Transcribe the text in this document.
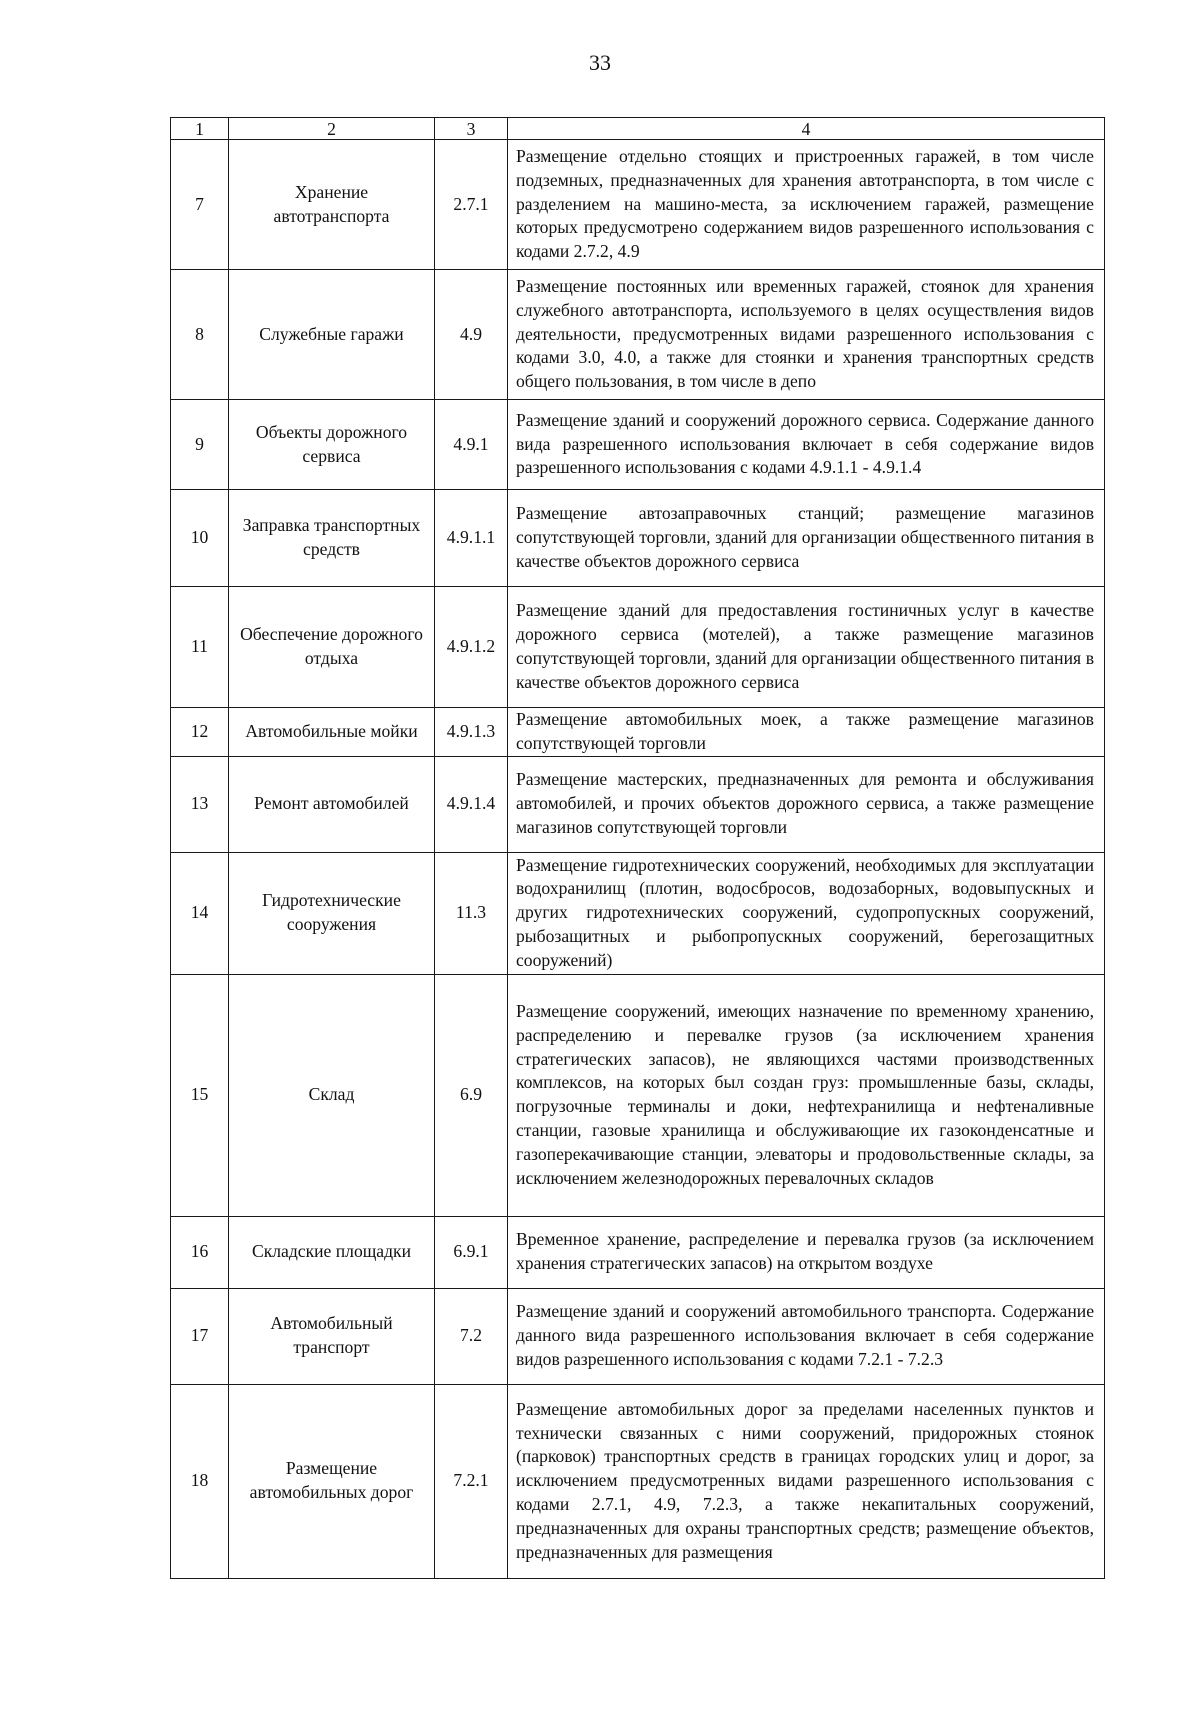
33
1	2	3	4
7	Хранение автотранспорта	2.7.1	Размещение отдельно стоящих и пристроенных гаражей, в том числе подземных, предназначенных для хранения автотранспорта, в том числе с разделением на машино-места, за исключением гаражей, размещение которых предусмотрено содержанием видов разрешенного использования с кодами 2.7.2, 4.9
8	Служебные гаражи	4.9	Размещение постоянных или временных гаражей, стоянок для хранения служебного автотранспорта, используемого в целях осуществления видов деятельности, предусмотренных видами разрешенного использования с кодами 3.0, 4.0, а также для стоянки и хранения транспортных средств общего пользования, в том числе в депо
9	Объекты дорожного сервиса	4.9.1	Размещение зданий и сооружений дорожного сервиса. Содержание данного вида разрешенного использования включает в себя содержание видов разрешенного использования с кодами 4.9.1.1 - 4.9.1.4
10	Заправка транспортных средств	4.9.1.1	Размещение автозаправочных станций; размещение магазинов сопутствующей торговли, зданий для организации общественного питания в качестве объектов дорожного сервиса
11	Обеспечение дорожного отдыха	4.9.1.2	Размещение зданий для предоставления гостиничных услуг в качестве дорожного сервиса (мотелей), а также размещение магазинов сопутствующей торговли, зданий для организации общественного питания в качестве объектов дорожного сервиса
12	Автомобильные мойки	4.9.1.3	Размещение автомобильных моек, а также размещение магазинов сопутствующей торговли
13	Ремонт автомобилей	4.9.1.4	Размещение мастерских, предназначенных для ремонта и обслуживания автомобилей, и прочих объектов дорожного сервиса, а также размещение магазинов сопутствующей торговли
14	Гидротехнические сооружения	11.3	Размещение гидротехнических сооружений, необходимых для эксплуатации водохранилищ (плотин, водосбросов, водозаборных, водовыпускных и других гидротехнических сооружений, судопропускных сооружений, рыбозащитных и рыбопропускных сооружений, берегозащитных сооружений)
15	Склад	6.9	Размещение сооружений, имеющих назначение по временному хранению, распределению и перевалке грузов (за исключением хранения стратегических запасов), не являющихся частями производственных комплексов, на которых был создан груз: промышленные базы, склады, погрузочные терминалы и доки, нефтехранилища и нефтеналивные станции, газовые хранилища и обслуживающие их газоконденсатные и газоперекачивающие станции, элеваторы и продовольственные склады, за исключением железнодорожных перевалочных складов
16	Складские площадки	6.9.1	Временное хранение, распределение и перевалка грузов (за исключением хранения стратегических запасов) на открытом воздухе
17	Автомобильный транспорт	7.2	Размещение зданий и сооружений автомобильного транспорта. Содержание данного вида разрешенного использования включает в себя содержание видов разрешенного использования с кодами 7.2.1 - 7.2.3
18	Размещение автомобильных дорог	7.2.1	Размещение автомобильных дорог за пределами населенных пунктов и технически связанных с ними сооружений, придорожных стоянок (парковок) транспортных средств в границах городских улиц и дорог, за исключением предусмотренных видами разрешенного использования с кодами 2.7.1, 4.9, 7.2.3, а также некапитальных сооружений, предназначенных для охраны транспортных средств; размещение объектов, предназначенных для размещения
